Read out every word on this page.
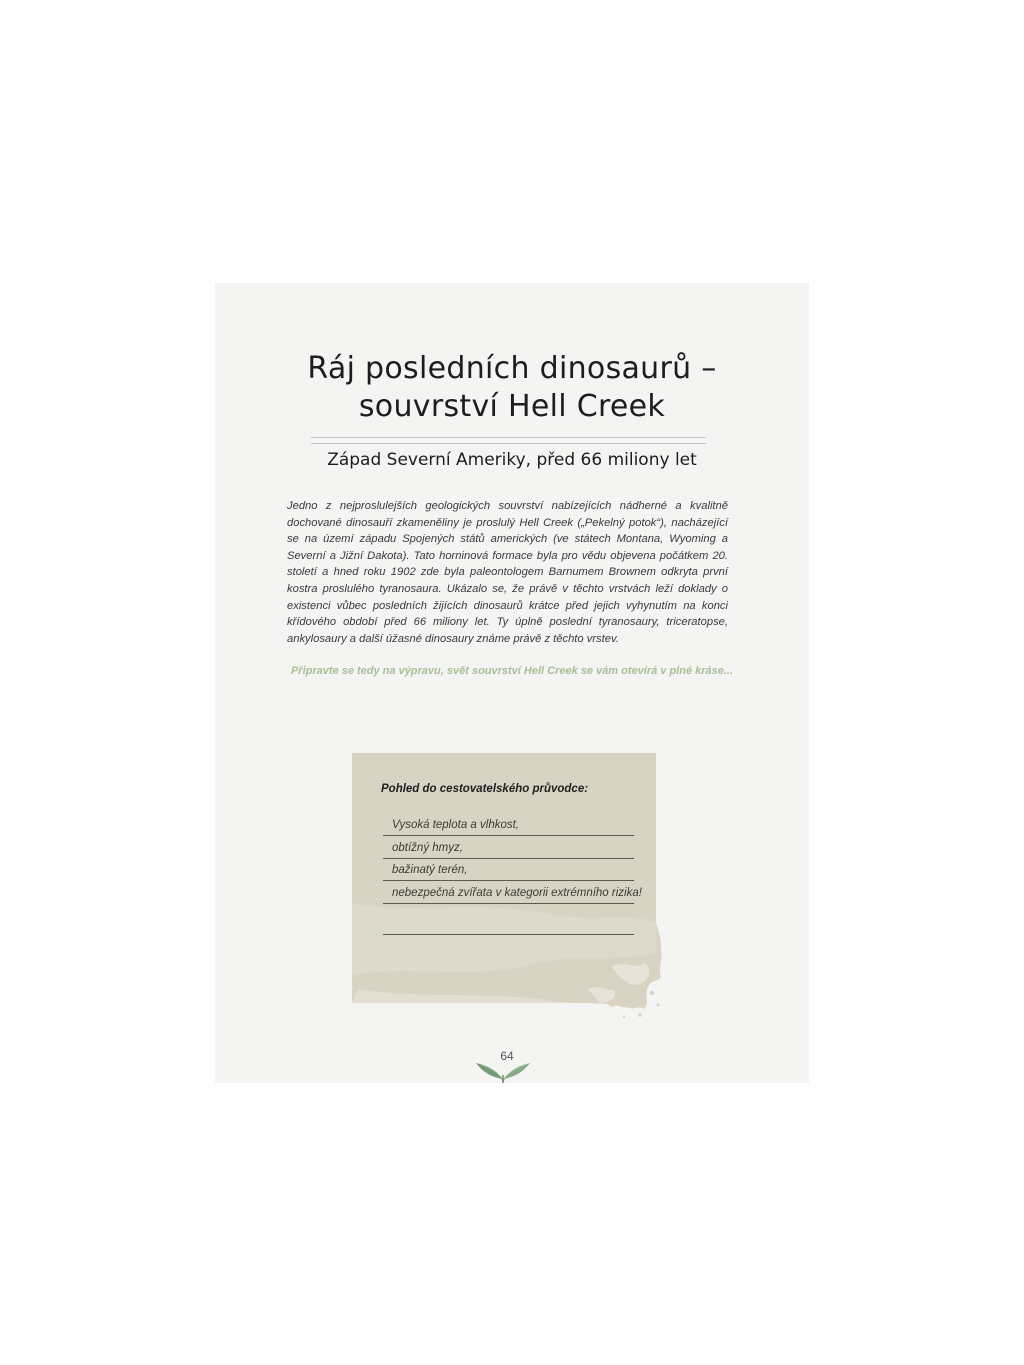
Ráj posledních dinosaurů –
souvrství Hell Creek
Západ Severní Ameriky, před 66 miliony let

Jedno z nejproslulejších geologických souvrství nabízejících nádherné a kvalitně dochované dinosauří zkameněliny je proslulý Hell Creek („Pekelný potok“), nacházející se na území západu Spojených států amerických (ve státech Montana, Wyoming a Severní a Jižní Dakota). Tato horninová formace byla pro vědu objevena počátkem 20. století a hned roku 1902 zde byla paleontologem Barnumem Brownem odkryta první kostra proslulého tyranosaura. Ukázalo se, že právě v těchto vrstvách leží doklady o existenci vůbec posledních žijících dinosaurů krátce před jejich vyhynutím na konci křídového období před 66 miliony let. Ty úplně poslední tyranosaury, triceratopse, ankylosaury a další úžasné dinosaury známe právě z těchto vrstev.

Připravte se tedy na výpravu, svět souvrství Hell Creek se vám otevírá v plné kráse...

Pohled do cestovatelského průvodce:

Vysoká teplota a vlhkost,
obtížný hmyz,
bažinatý terén,
nebezpečná zvířata v kategorii extrémního rizika!
64
